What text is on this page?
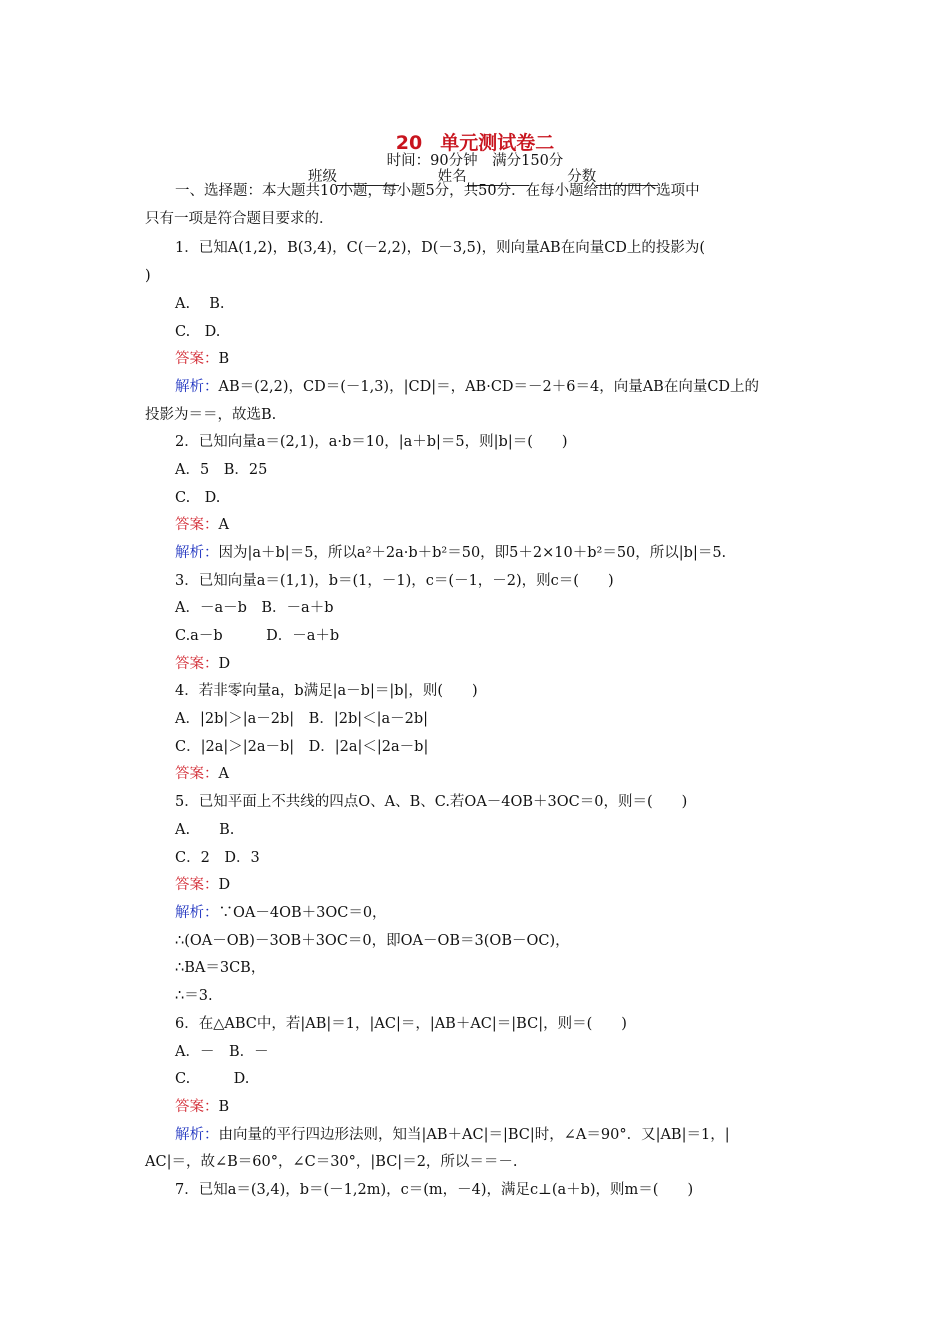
20 单元测试卷二
时间：90分钟　满分150分
班级	姓名	分数
一、选择题：本大题共10小题，每小题5分，共50分．在每小题给出的四个选项中
只有一项是符合题目要求的．
1．已知A(1,2)，B(3,4)，C(－2,2)，D(－3,5)，则向量AB在向量CD上的投影为(
)
A.　 B.
C.　D.
答案：B
解析：AB＝(2,2)，CD＝(－1,3)，|CD|＝，AB·CD＝－2＋6＝4，向量AB在向量CD上的
投影为＝＝，故选B.
2．已知向量a＝(2,1)，a·b＝10，|a＋b|＝5，则|b|＝(　　)
A．5　B．25
C.　D.
答案：A
解析：因为|a＋b|＝5，所以a²＋2a·b＋b²＝50，即5＋2×10＋b²＝50，所以|b|＝5.
3．已知向量a＝(1,1)，b＝(1，－1)，c＝(－1，－2)，则c＝(　　)
A．－a－b　B．－a＋b
C.a－b　　　D．－a＋b
答案：D
4．若非零向量a，b满足|a－b|＝|b|，则(　　)
A．|2b|＞|a－2b|　B．|2b|＜|a－2b|
C．|2a|＞|2a－b|　D．|2a|＜|2a－b|
答案：A
5．已知平面上不共线的四点O、A、B、C.若OA－4OB＋3OC＝0，则＝(　　)
A.　　B.
C．2　D．3
答案：D
解析：∵OA－4OB＋3OC＝0，
∴(OA－OB)－3OB＋3OC＝0，即OA－OB＝3(OB－OC)，
∴BA＝3CB，
∴＝3.
6．在△ABC中，若|AB|＝1，|AC|＝，|AB＋AC|＝|BC|，则＝(　　)
A．－　B．－
C.　　　D.
答案：B
解析：由向量的平行四边形法则，知当|AB＋AC|＝|BC|时，∠A＝90°．又|AB|＝1，|
AC|＝，故∠B＝60°，∠C＝30°，|BC|＝2，所以＝＝－.
7．已知a＝(3,4)，b＝(－1,2m)，c＝(m，－4)，满足c⊥(a＋b)，则m＝(　　)
